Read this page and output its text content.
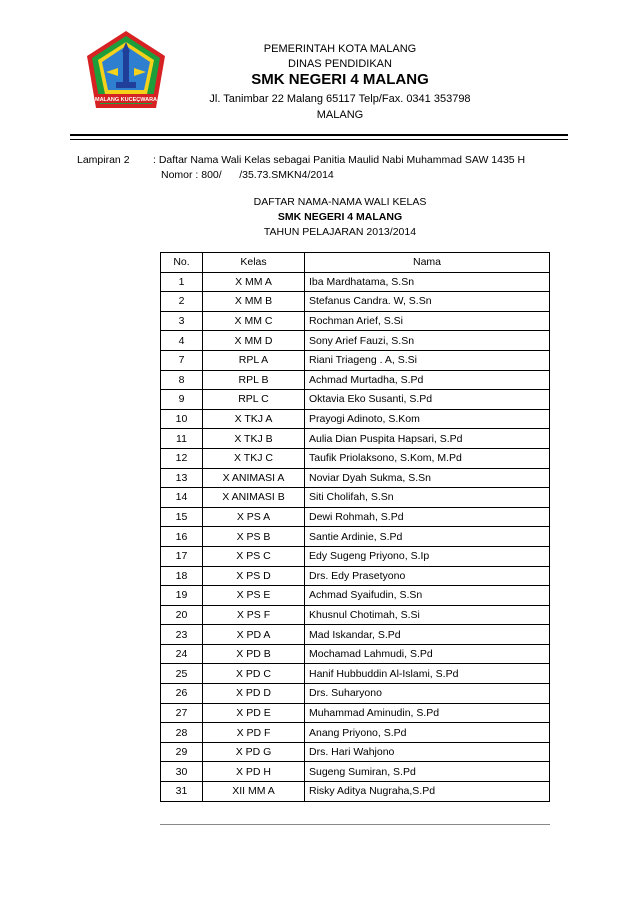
MALANG KUCEÇWARA
PEMERINTAH KOTA MALANG
DINAS PENDIDIKAN
SMK NEGERI 4 MALANG
Jl. Tanimbar 22 Malang 65117 Telp/Fax. 0341 353798
MALANG
Lampiran 2 : Daftar Nama Wali Kelas sebagai Panitia Maulid Nabi Muhammad SAW 1435 H
Nomor : 800/      /35.73.SMKN4/2014
DAFTAR NAMA-NAMA WALI KELAS
SMK NEGERI 4 MALANG
TAHUN PELAJARAN 2013/2014
No.	Kelas	Nama
1	X MM A	Iba Mardhatama, S.Sn
2	X MM B	Stefanus Candra. W, S.Sn
3	X MM C	Rochman Arief, S.Si
4	X MM D	Sony Arief Fauzi, S.Sn
7	RPL A	Riani Triageng . A, S.Si
8	RPL B	Achmad Murtadha, S.Pd
9	RPL C	Oktavia Eko Susanti, S.Pd
10	X TKJ A	Prayogi Adinoto, S.Kom
11	X TKJ B	Aulia Dian Puspita Hapsari, S.Pd
12	X TKJ C	Taufik Priolaksono, S.Kom, M.Pd
13	X ANIMASI A	Noviar Dyah Sukma, S.Sn
14	X ANIMASI B	Siti Cholifah, S.Sn
15	X PS A	Dewi Rohmah, S.Pd
16	X PS B	Santie Ardinie, S.Pd
17	X PS C	Edy Sugeng Priyono, S.Ip
18	X PS D	Drs. Edy Prasetyono
19	X PS E	Achmad Syaifudin, S.Sn
20	X PS F	Khusnul Chotimah, S.Si
23	X PD A	Mad Iskandar, S.Pd
24	X PD B	Mochamad Lahmudi, S.Pd
25	X PD C	Hanif Hubbuddin Al-Islami, S.Pd
26	X PD D	Drs. Suharyono
27	X PD E	Muhammad Aminudin, S.Pd
28	X PD F	Anang Priyono, S.Pd
29	X PD G	Drs. Hari Wahjono
30	X PD H	Sugeng Sumiran, S.Pd
31	XII MM A	Risky Aditya Nugraha,S.Pd
